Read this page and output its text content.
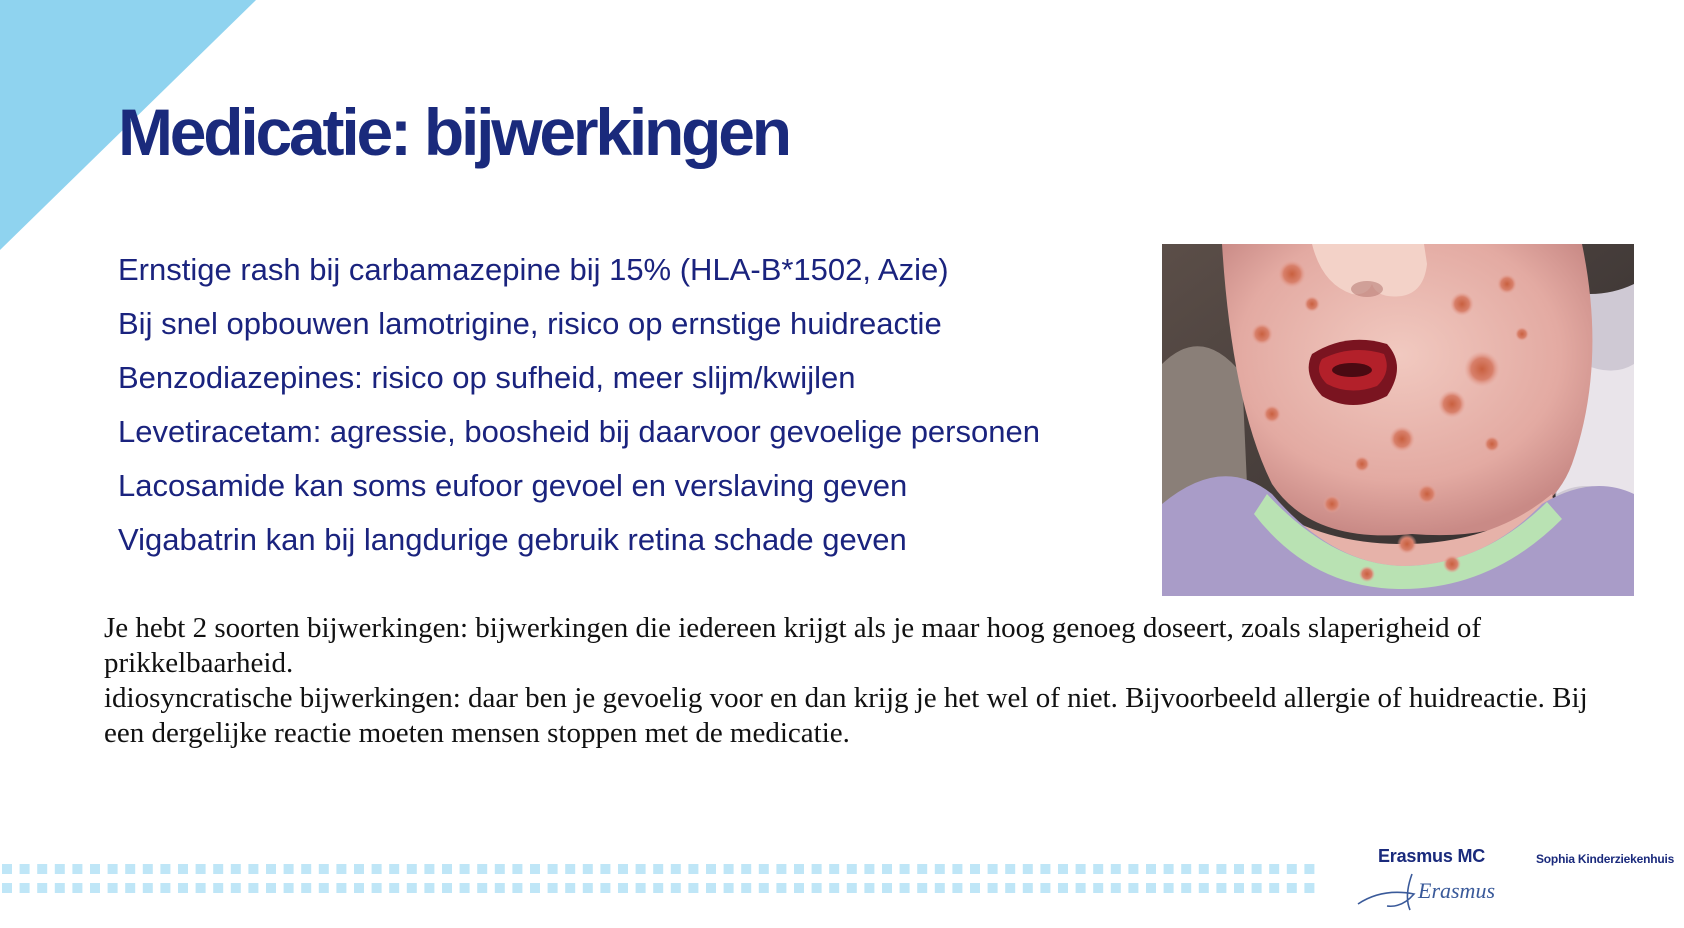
Medicatie: bijwerkingen
Ernstige rash bij carbamazepine bij 15% (HLA-B*1502, Azie)
Bij snel opbouwen lamotrigine, risico op ernstige huidreactie
Benzodiazepines: risico op sufheid, meer slijm/kwijlen
Levetiracetam: agressie, boosheid bij daarvoor gevoelige personen
Lacosamide kan soms eufoor gevoel en verslaving geven
Vigabatrin kan bij langdurige gebruik retina schade geven

Je hebt 2 soorten bijwerkingen: bijwerkingen die iedereen krijgt als je maar hoog genoeg doseert, zoals slaperigheid of prikkelbaarheid.

idiosyncratische bijwerkingen: daar ben je gevoelig voor en dan krijg je het wel of niet. Bijvoorbeeld allergie of huidreactie. Bij een dergelijke reactie moeten mensen stoppen met de medicatie.

Erasmus MC
Erasmus
Sophia Kinderziekenhuis
